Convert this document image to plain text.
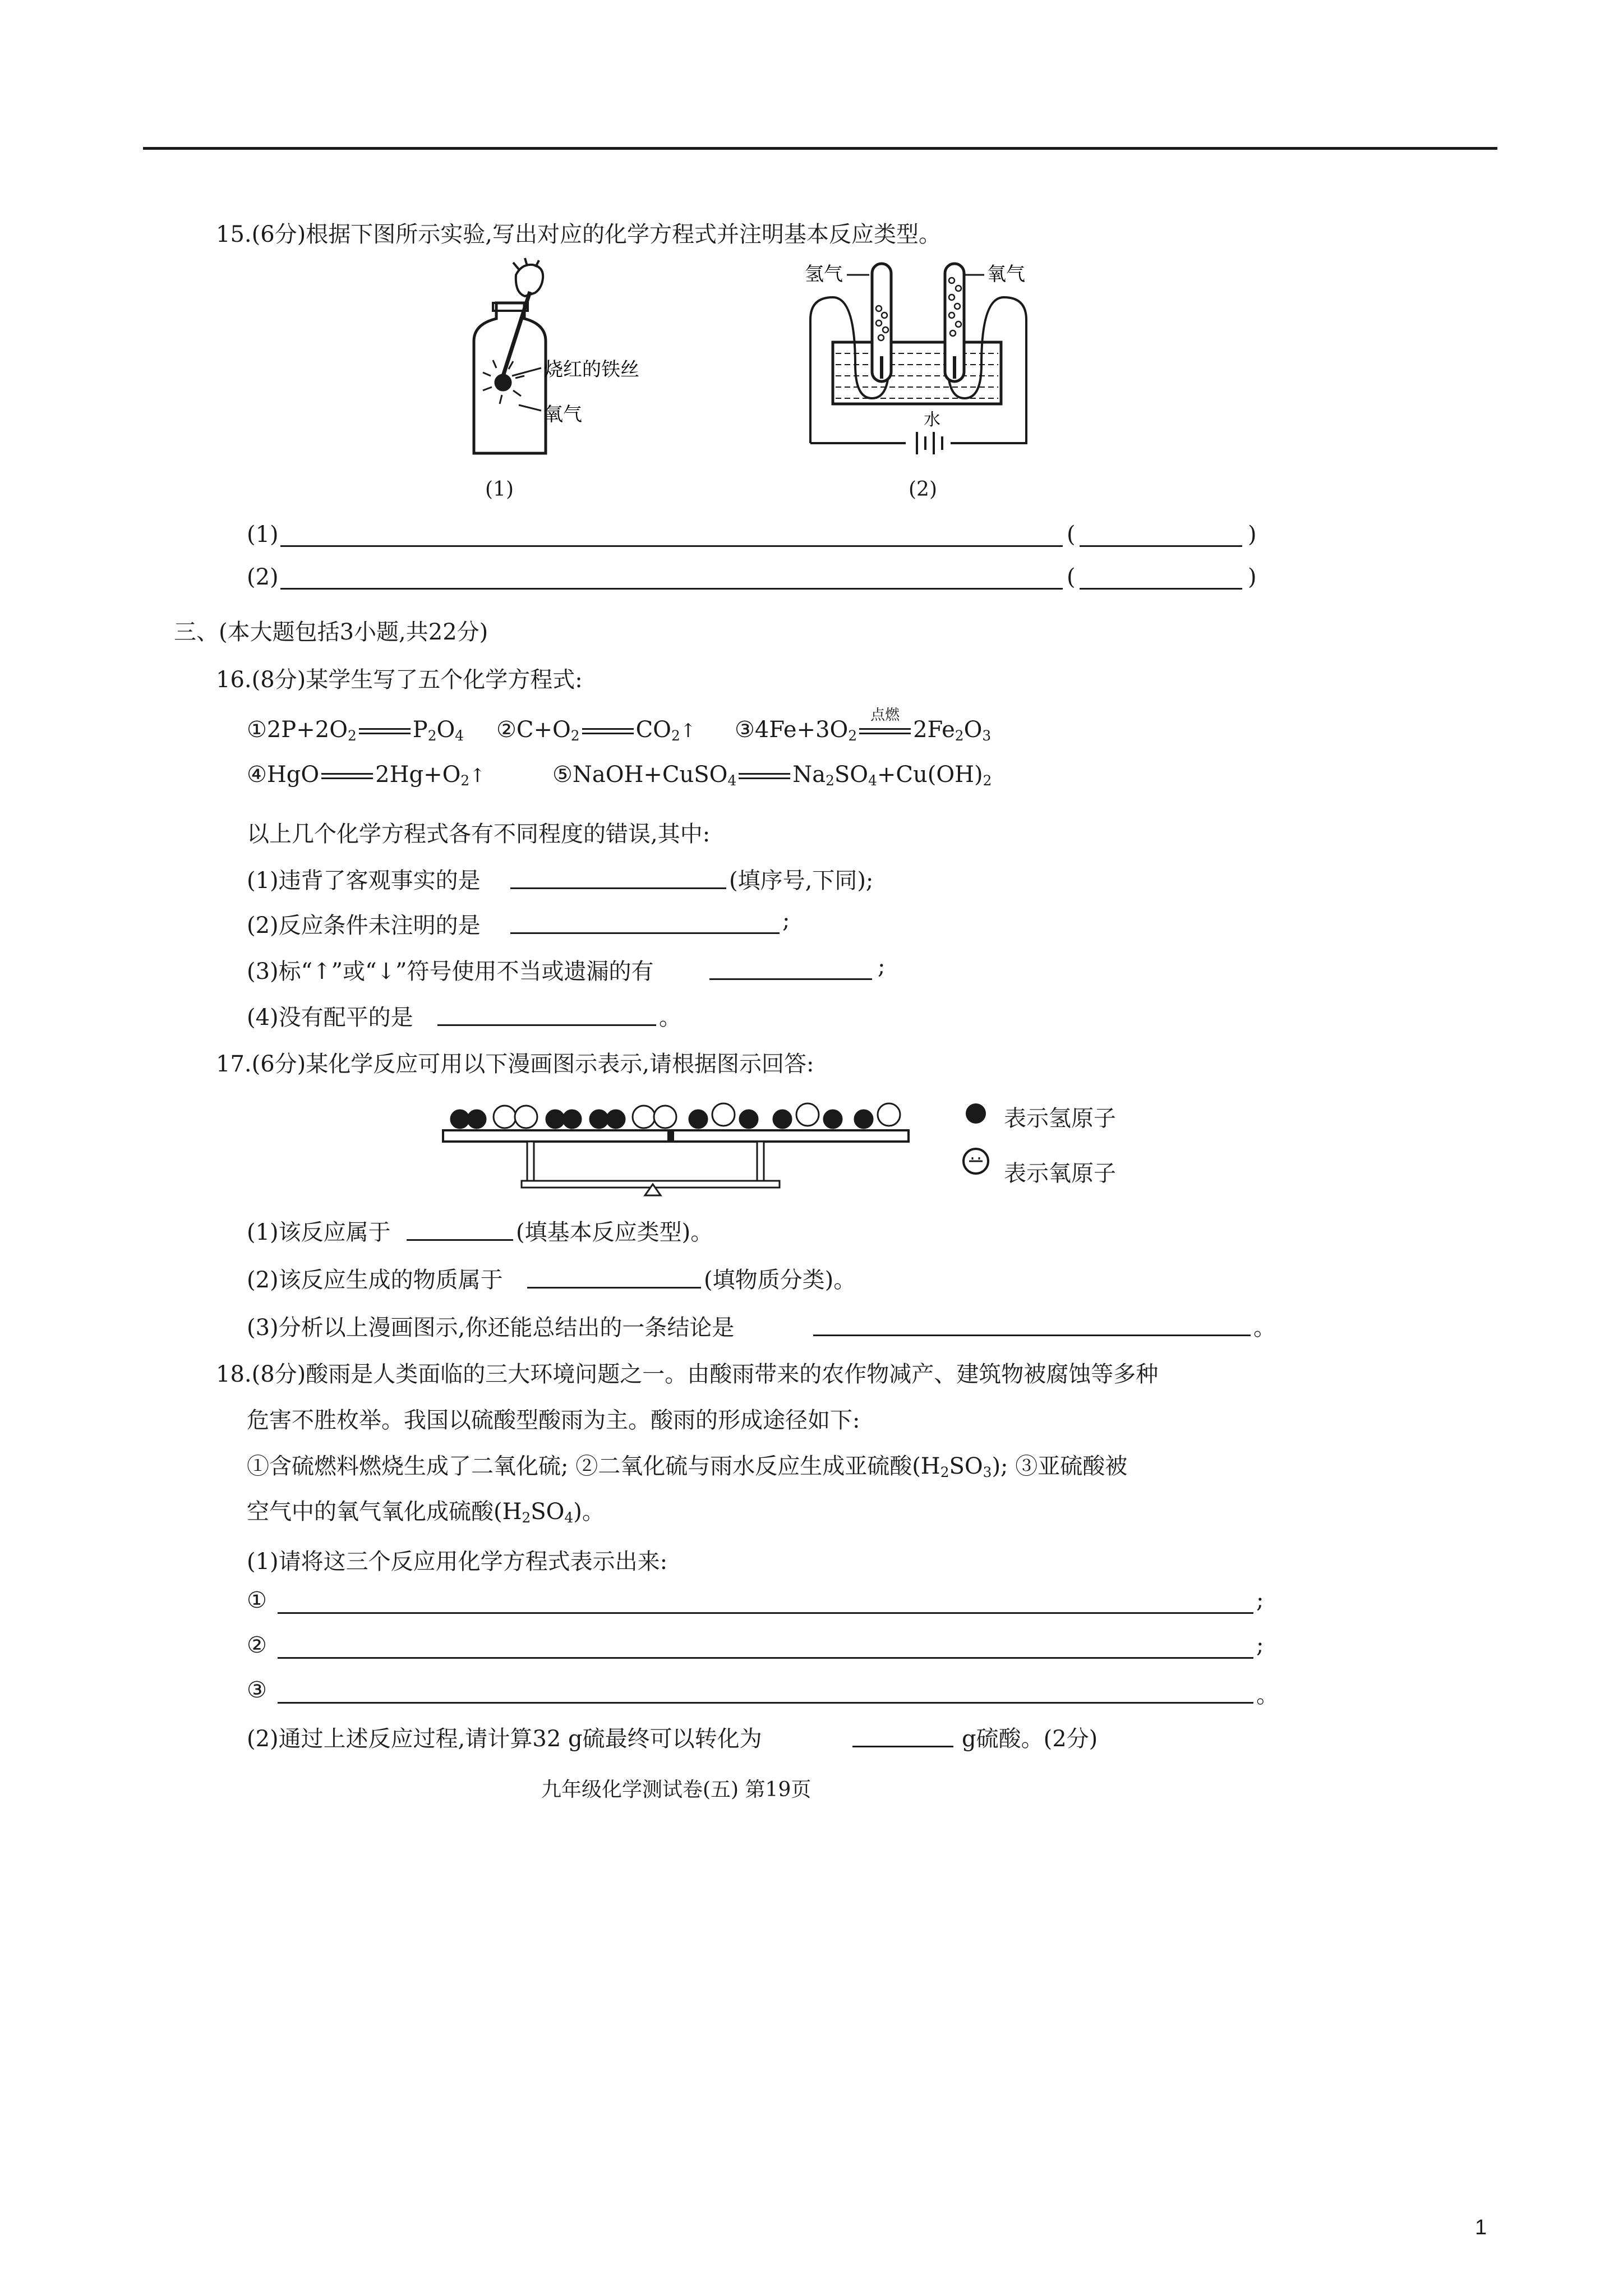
15.(6分)根据下图所示实验,写出对应的化学方程式并注明基本反应类型。
烧红的铁丝
氧气
(1)
氢气	氧气
水
(2)
(1)	(	)
(2)	(	)
三、(本大题包括3小题,共22分)
16.(8分)某学生写了五个化学方程式:
$①2P+2O_2$	$P_2O_4$ $②C+O_2$	$CO_2↑$ $③4Fe+3O_2$
点燃
$2Fe_2O_3$
④HgO	$2Hg+O_2↑$	⑤NaOH+CuSO$_4$	$Na_2SO_4+Cu(OH)_2$
以上几个化学方程式各有不同程度的错误,其中:
(1)违背了客观事实的是	(填序号,下同);
(2)反应条件未注明的是	;
(3)标“↑”或“↓”符号使用不当或遗漏的有	;
(4)没有配平的是	。
17.(6分)某化学反应可用以下漫画图示表示,请根据图示回答:
表示氢原子
表示氧原子
(1)该反应属于	(填基本反应类型)。
(2)该反应生成的物质属于	(填物质分类)。
(3)分析以上漫画图示,你还能总结出的一条结论是	。
18.(8分)酸雨是人类面临的三大环境问题之一。由酸雨带来的农作物减产、建筑物被腐蚀等多种
危害不胜枚举。我国以硫酸型酸雨为主。酸雨的形成途径如下:
①含硫燃料燃烧生成了二氧化硫; ②二氧化硫与雨水反应生成亚硫酸$(H_2SO_3)$; ③亚硫酸被
空气中的氧气氧化成硫酸$(H_2SO_4)$。
(1)请将这三个反应用化学方程式表示出来:
①	;
②	;
③	。
(2)通过上述反应过程,请计算32 g硫最终可以转化为	g硫酸。(2分)
九年级化学测试卷(五) 第19页
1
